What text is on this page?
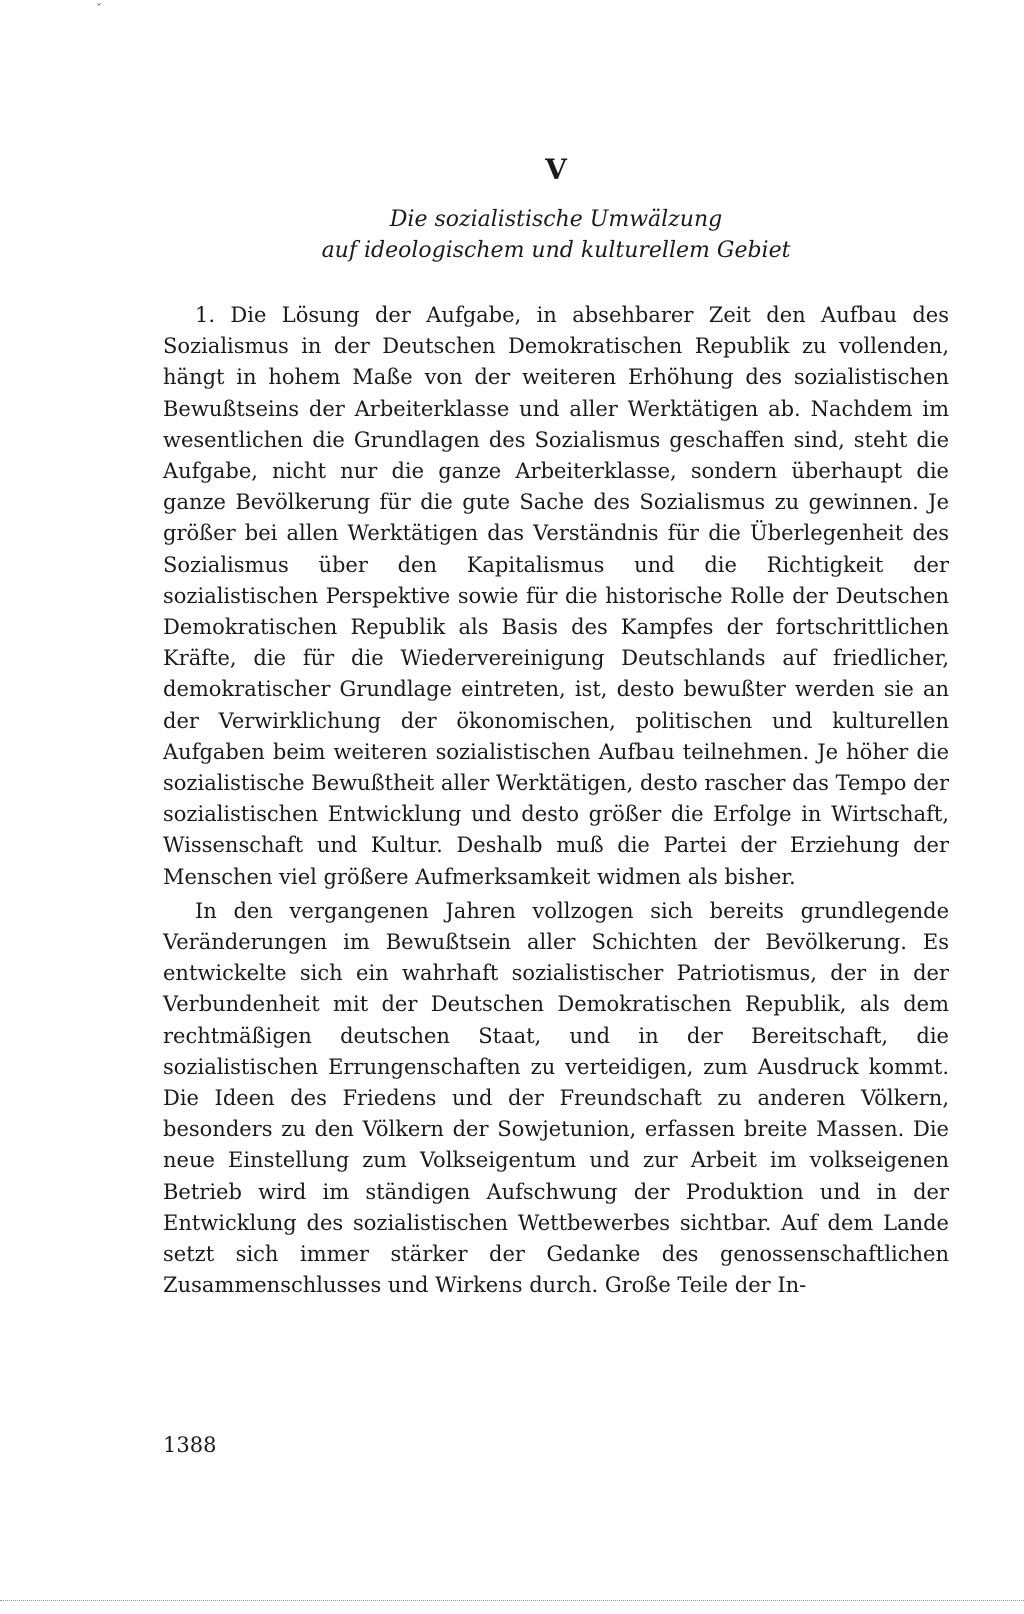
ˇ
V
Die sozialistische Umwälzung
auf ideologischem und kulturellem Gebiet

1. Die Lösung der Aufgabe, in absehbarer Zeit den Aufbau des Sozialismus in der Deutschen Demokratischen Republik zu vollenden, hängt in hohem Maße von der weiteren Erhöhung des sozialistischen Bewußtseins der Arbeiterklasse und aller Werktätigen ab. Nachdem im wesentlichen die Grundlagen des Sozialismus geschaffen sind, steht die Aufgabe, nicht nur die ganze Arbeiterklasse, sondern überhaupt die ganze Bevölkerung für die gute Sache des Sozialismus zu gewinnen. Je größer bei allen Werktätigen das Verständnis für die Überlegenheit des Sozialismus über den Kapitalismus und die Richtigkeit der sozialistischen Perspektive sowie für die historische Rolle der Deutschen Demokratischen Republik als Basis des Kampfes der fortschrittlichen Kräfte, die für die Wiedervereinigung Deutschlands auf friedlicher, demokratischer Grundlage eintreten, ist, desto bewußter werden sie an der Verwirklichung der ökonomischen, politischen und kulturellen Aufgaben beim weiteren sozialistischen Aufbau teilnehmen. Je höher die sozialistische Bewußtheit aller Werktätigen, desto rascher das Tempo der sozialistischen Entwicklung und desto größer die Erfolge in Wirtschaft, Wissenschaft und Kultur. Deshalb muß die Partei der Erziehung der Menschen viel größere Aufmerksamkeit widmen als bisher.

In den vergangenen Jahren vollzogen sich bereits grundlegende Veränderungen im Bewußtsein aller Schichten der Bevölkerung. Es entwickelte sich ein wahrhaft sozialistischer Patriotismus, der in der Verbundenheit mit der Deutschen Demokratischen Republik, als dem rechtmäßigen deutschen Staat, und in der Bereitschaft, die sozialistischen Errungenschaften zu verteidigen, zum Ausdruck kommt. Die Ideen des Friedens und der Freundschaft zu anderen Völkern, besonders zu den Völkern der Sowjetunion, erfassen breite Massen. Die neue Einstellung zum Volkseigentum und zur Arbeit im volkseigenen Betrieb wird im ständigen Aufschwung der Produktion und in der Entwicklung des sozialistischen Wettbewerbes sichtbar. Auf dem Lande setzt sich immer stärker der Gedanke des genossenschaftlichen Zusammenschlusses und Wirkens durch. Große Teile der In-

1388
